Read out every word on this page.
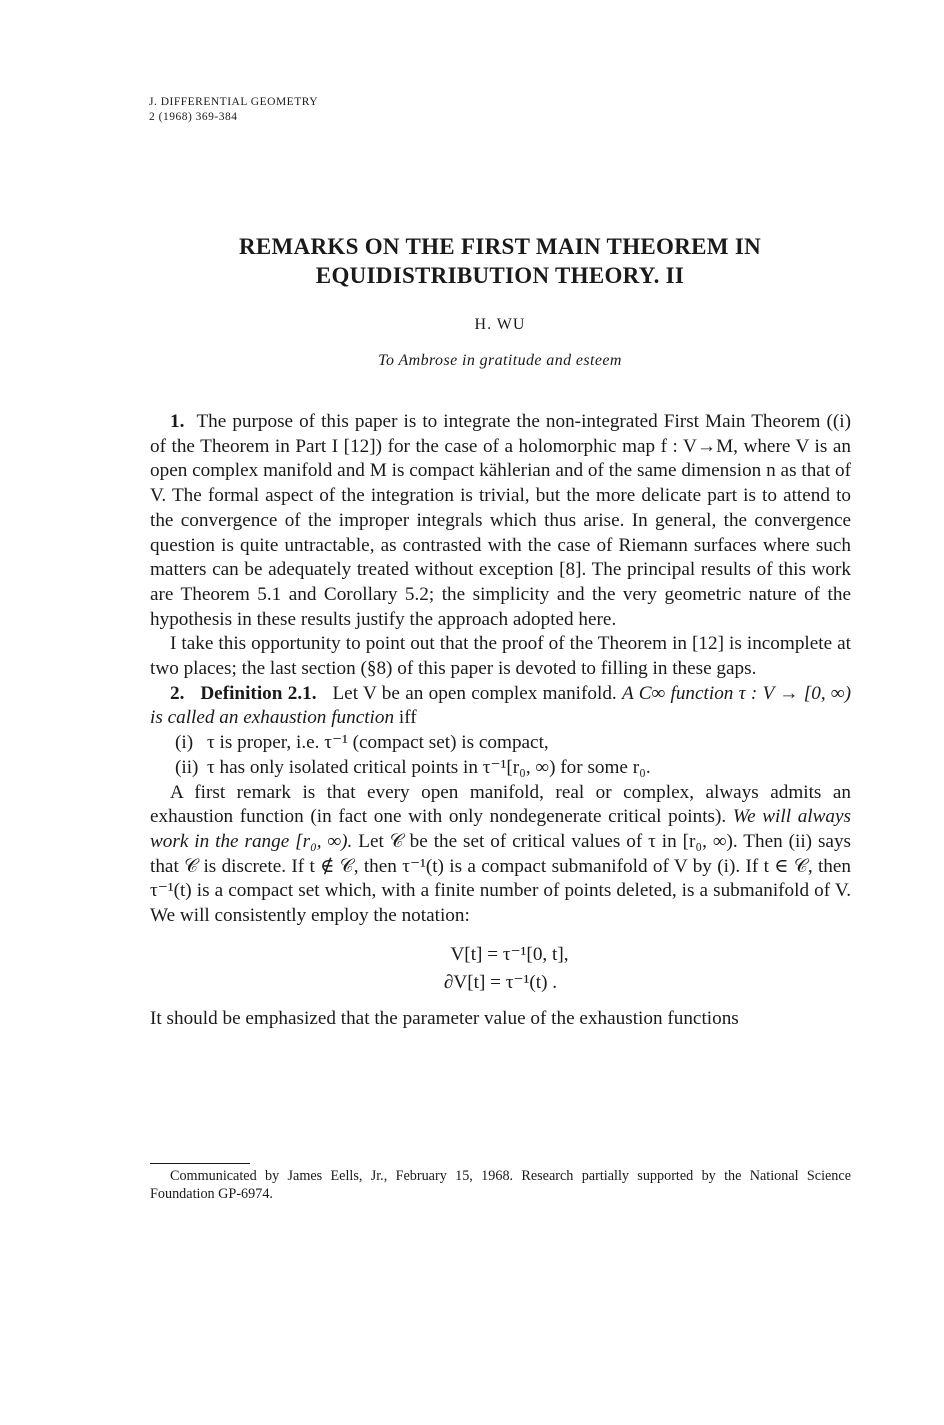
J. DIFFERENTIAL GEOMETRY
2 (1968) 369-384
REMARKS ON THE FIRST MAIN THEOREM IN
EQUIDISTRIBUTION THEORY. II
H. WU
To Ambrose in gratitude and esteem

1. The purpose of this paper is to integrate the non-integrated First Main Theorem ((i) of the Theorem in Part I [12]) for the case of a holomorphic map f : V→M, where V is an open complex manifold and M is compact kählerian and of the same dimension n as that of V. The formal aspect of the integration is trivial, but the more delicate part is to attend to the convergence of the improper integrals which thus arise. In general, the convergence question is quite untractable, as contrasted with the case of Riemann surfaces where such matters can be adequately treated without exception [8]. The principal results of this work are Theorem 5.1 and Corollary 5.2; the simplicity and the very geometric nature of the hypothesis in these results justify the approach adopted here.

I take this opportunity to point out that the proof of the Theorem in [12] is incomplete at two places; the last section (§8) of this paper is devoted to filling in these gaps.

2. Definition 2.1. Let V be an open complex manifold. A C∞ function τ : V → [0, ∞) is called an exhaustion function iff

(i) τ is proper, i.e. τ⁻¹ (compact set) is compact,

(ii) τ has only isolated critical points in τ⁻¹[r₀, ∞) for some r₀.

A first remark is that every open manifold, real or complex, always admits an exhaustion function (in fact one with only nondegenerate critical points). We will always work in the range [r₀, ∞). Let 𝒞 be the set of critical values of τ in [r₀, ∞). Then (ii) says that 𝒞 is discrete. If t ∉ 𝒞, then τ⁻¹(t) is a compact submanifold of V by (i). If t ∈ 𝒞, then τ⁻¹(t) is a compact set which, with a finite number of points deleted, is a submanifold of V. We will consistently employ the notation:

V[t] = τ⁻¹[0, t],
∂V[t] = τ⁻¹(t) .

It should be emphasized that the parameter value of the exhaustion functions

Communicated by James Eells, Jr., February 15, 1968. Research partially supported by the National Science Foundation GP-6974.
